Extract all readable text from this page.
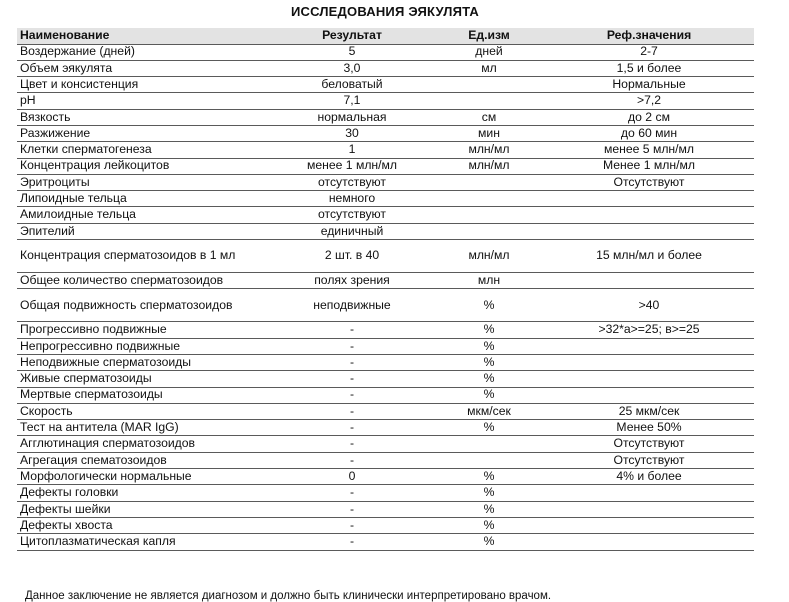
ИССЛЕДОВАНИЯ ЭЯКУЛЯТА
Наименование	Результат	Ед.изм	Реф.значения
Воздержание (дней)	5	дней	2-7
Объем эякулята	3,0	мл	1,5 и более
Цвет и консистенция	беловатый		Нормальные
pH	7,1		>7,2
Вязкость	нормальная	см	до 2 см
Разжижение	30	мин	до 60 мин
Клетки сперматогенеза	1	млн/мл	менее 5 млн/мл
Концентрация лейкоцитов	менее 1 млн/мл	млн/мл	Менее 1 млн/мл
Эритроциты	отсутствуют		Отсутствуют
Липоидные тельца	немного		
Амилоидные тельца	отсутствуют		
Эпителий	единичный		
Концентрация сперматозоидов в 1 мл	2 шт. в 40	млн/мл	15 млн/мл и более
Общее количество сперматозоидов	полях зрения	млн	
Общая подвижность сперматозоидов	неподвижные	%	>40
Прогрессивно подвижные	-	%	>32*a>=25; в>=25
Непрогрессивно подвижные	-	%	
Неподвижные сперматозоиды	-	%	
Живые сперматозоиды	-	%	
Мертвые сперматозоиды	-	%	
Скорость	-	мкм/сек	25 мкм/сек
Тест на антитела (MAR IgG)	-	%	Менее 50%
Агглютинация сперматозоидов	-		Отсутствуют
Агрегация спематозоидов	-		Отсутствуют
Морфологически нормальные	0	%	4% и более
Дефекты головки	-	%	
Дефекты шейки	-	%	
Дефекты хвоста	-	%	
Цитоплазматическая капля	-	%	
Данное заключение не является диагнозом и должно быть клинически интерпретировано врачом.
